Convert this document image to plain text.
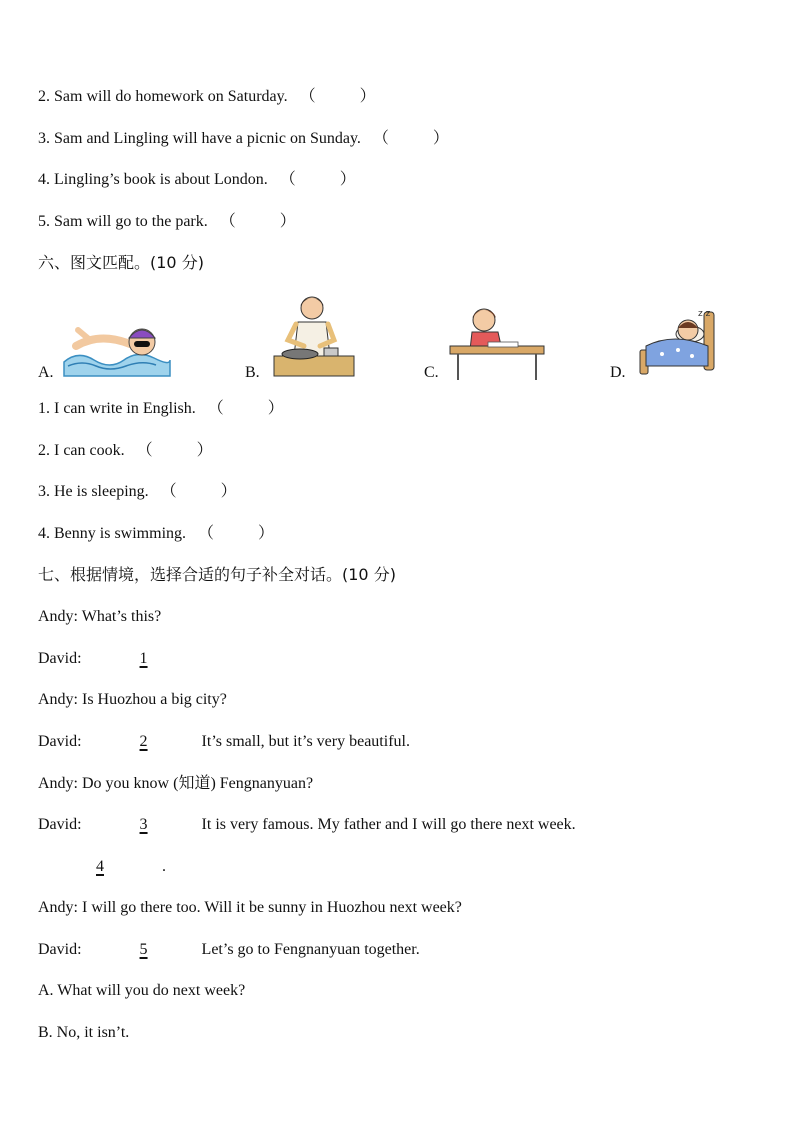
2. Sam will do homework on Saturday. （	）
3. Sam and Lingling will have a picnic on Sunday. （	）
4. Lingling’s book is about London. （	）
5. Sam will go to the park. （	）
六、图文匹配。(10 分)
A.	B.	C.	D.
z z
1. I can write in English. （	）
2. I can cook. （	）
3. He is sleeping. （	）
4. Benny is swimming. （	）
七、根据情境，选择合适的句子补全对话。(10 分)
Andy: What’s this?
David:	1
Andy: Is Huozhou a big city?
David:	2	It’s small, but it’s very beautiful.
Andy: Do you know (知道) Fengnanyuan?
David:	3	It is very famous. My father and I will go there next week.
4	.
Andy: I will go there too. Will it be sunny in Huozhou next week?
David:	5	Let’s go to Fengnanyuan together.
A. What will you do next week?
B. No, it isn’t.
